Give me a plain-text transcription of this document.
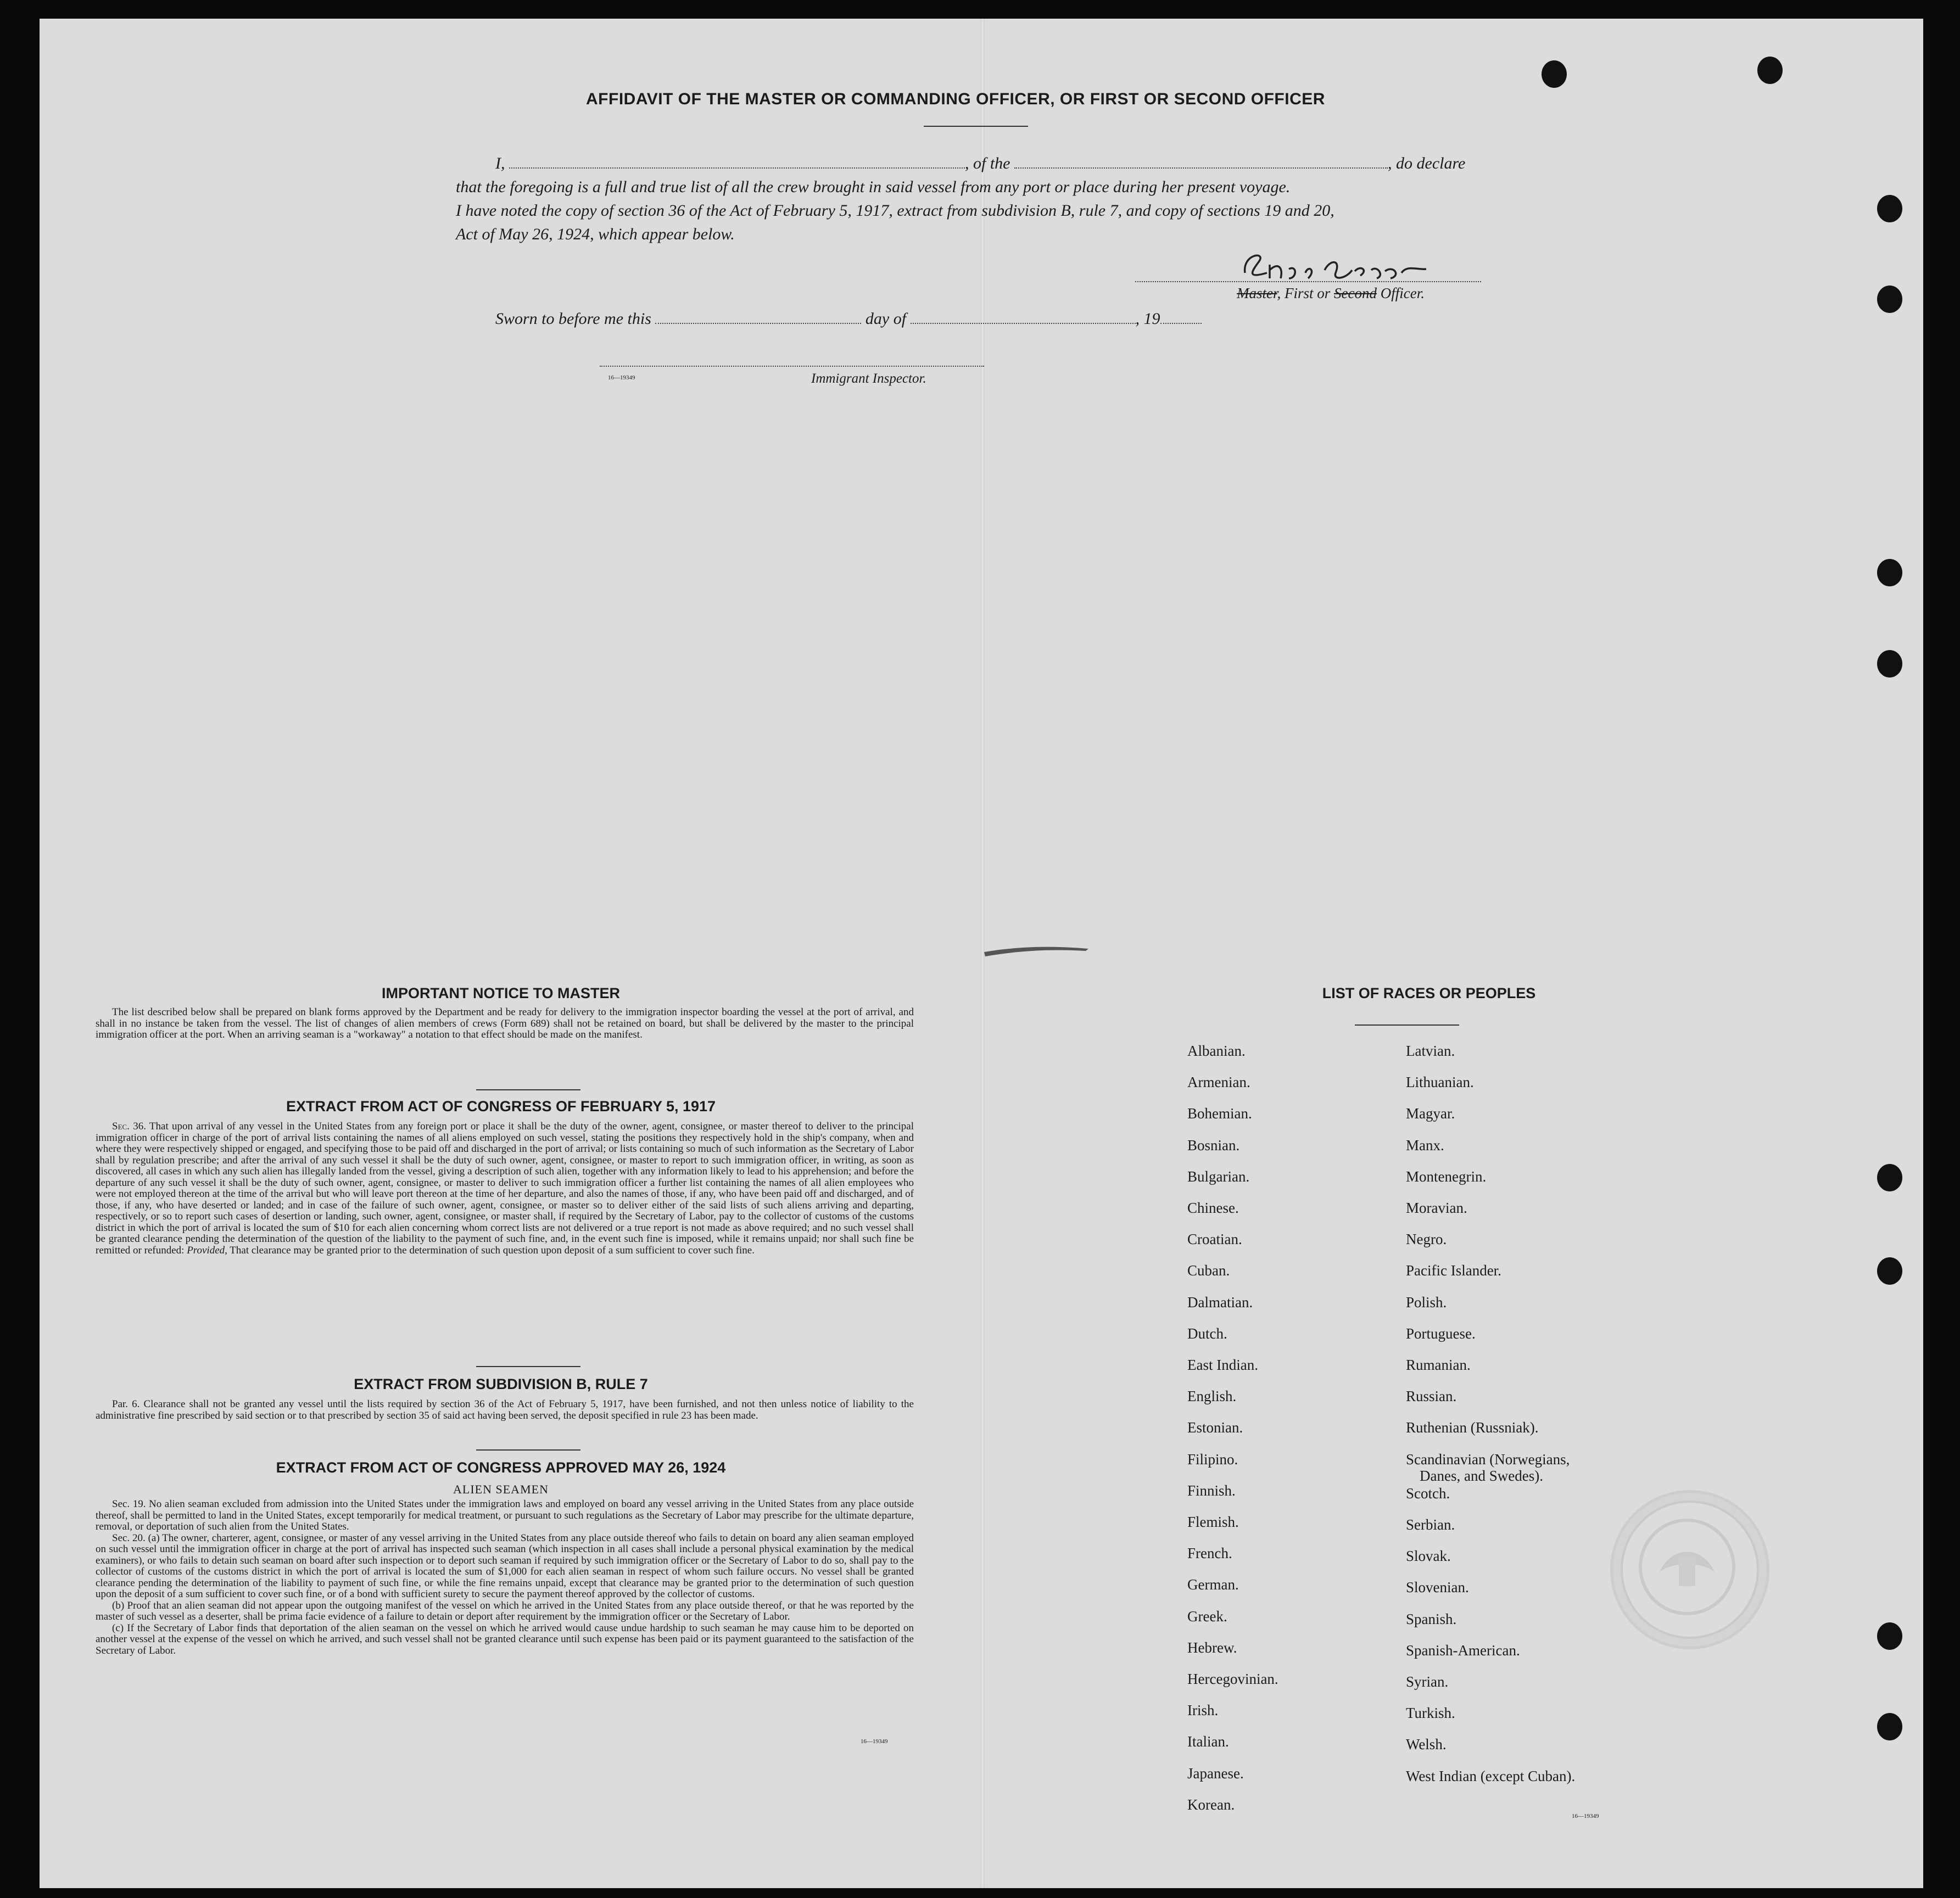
⠀
AFFIDAVIT OF THE MASTER OR COMMANDING OFFICER, OR FIRST OR SECOND OFFICER
I,	, of the	, do declare
that the foregoing is a full and true list of all the crew brought in said vessel from any port or place during her present voyage.
I have noted the copy of section 36 of the Act of February 5, 1917, extract from subdivision B, rule 7, and copy of sections 19 and 20,
Act of May 26, 1924, which appear below.
Master, First or Second Officer.
Sworn to before me this	day of	, 19
16—19349	Immigrant Inspector.
IMPORTANT NOTICE TO MASTER

The list described below shall be prepared on blank forms approved by the Department and be ready for delivery to the immigration inspector boarding the vessel at the port of arrival, and shall in no instance be taken from the vessel. The list of changes of alien members of crews (Form 689) shall not be retained on board, but shall be delivered by the master to the principal immigration officer at the port. When an arriving seaman is a "workaway" a notation to that effect should be made on the manifest.

EXTRACT FROM ACT OF CONGRESS OF FEBRUARY 5, 1917

Sec. 36. That upon arrival of any vessel in the United States from any foreign port or place it shall be the duty of the owner, agent, consignee, or master thereof to deliver to the principal immigration officer in charge of the port of arrival lists containing the names of all aliens employed on such vessel, stating the positions they respectively hold in the ship's company, when and where they were respectively shipped or engaged, and specifying those to be paid off and discharged in the port of arrival; or lists containing so much of such information as the Secretary of Labor shall by regulation prescribe; and after the arrival of any such vessel it shall be the duty of such owner, agent, consignee, or master to report to such immigration officer, in writing, as soon as discovered, all cases in which any such alien has illegally landed from the vessel, giving a description of such alien, together with any information likely to lead to his apprehension; and before the departure of any such vessel it shall be the duty of such owner, agent, consignee, or master to deliver to such immigration officer a further list containing the names of all alien employees who were not employed thereon at the time of the arrival but who will leave port thereon at the time of her departure, and also the names of those, if any, who have been paid off and discharged, and of those, if any, who have deserted or landed; and in case of the failure of such owner, agent, consignee, or master so to deliver either of the said lists of such aliens arriving and departing, respectively, or so to report such cases of desertion or landing, such owner, agent, consignee, or master shall, if required by the Secretary of Labor, pay to the collector of customs of the customs district in which the port of arrival is located the sum of $10 for each alien concerning whom correct lists are not delivered or a true report is not made as above required; and no such vessel shall be granted clearance pending the determination of the question of the liability to the payment of such fine, and, in the event such fine is imposed, while it remains unpaid; nor shall such fine be remitted or refunded: Provided, That clearance may be granted prior to the determination of such question upon deposit of a sum sufficient to cover such fine.

EXTRACT FROM SUBDIVISION B, RULE 7

Par. 6. Clearance shall not be granted any vessel until the lists required by section 36 of the Act of February 5, 1917, have been furnished, and not then unless notice of liability to the administrative fine prescribed by said section or to that prescribed by section 35 of said act having been served, the deposit specified in rule 23 has been made.

EXTRACT FROM ACT OF CONGRESS APPROVED MAY 26, 1924
ALIEN SEAMEN

Sec. 19. No alien seaman excluded from admission into the United States under the immigration laws and employed on board any vessel arriving in the United States from any place outside thereof, shall be permitted to land in the United States, except temporarily for medical treatment, or pursuant to such regulations as the Secretary of Labor may prescribe for the ultimate departure, removal, or deportation of such alien from the United States.

Sec. 20. (a) The owner, charterer, agent, consignee, or master of any vessel arriving in the United States from any place outside thereof who fails to detain on board any alien seaman employed on such vessel until the immigration officer in charge at the port of arrival has inspected such seaman (which inspection in all cases shall include a personal physical examination by the medical examiners), or who fails to detain such seaman on board after such inspection or to deport such seaman if required by such immigration officer or the Secretary of Labor to do so, shall pay to the collector of customs of the customs district in which the port of arrival is located the sum of $1,000 for each alien seaman in respect of whom such failure occurs. No vessel shall be granted clearance pending the determination of the liability to payment of such fine, or while the fine remains unpaid, except that clearance may be granted prior to the determination of such question upon the deposit of a sum sufficient to cover such fine, or of a bond with sufficient surety to secure the payment thereof approved by the collector of customs.

(b) Proof that an alien seaman did not appear upon the outgoing manifest of the vessel on which he arrived in the United States from any place outside thereof, or that he was reported by the master of such vessel as a deserter, shall be prima facie evidence of a failure to detain or deport after requirement by the immigration officer or the Secretary of Labor.

(c) If the Secretary of Labor finds that deportation of the alien seaman on the vessel on which he arrived would cause undue hardship to such seaman he may cause him to be deported on another vessel at the expense of the vessel on which he arrived, and such vessel shall not be granted clearance until such expense has been paid or its payment guaranteed to the satisfaction of the Secretary of Labor.

16—19349
LIST OF RACES OR PEOPLES
Albanian.
Armenian.
Bohemian.
Bosnian.
Bulgarian.
Chinese.
Croatian.
Cuban.
Dalmatian.
Dutch.
East Indian.
English.
Estonian.
Filipino.
Finnish.
Flemish.
French.
German.
Greek.
Hebrew.
Hercegovinian.
Irish.
Italian.
Japanese.
Korean.
Latvian.
Lithuanian.
Magyar.
Manx.
Montenegrin.
Moravian.
Negro.
Pacific Islander.
Polish.
Portuguese.
Rumanian.
Russian.
Ruthenian (Russniak).
Scandinavian (Norwegians,
Danes, and Swedes).
Scotch.
Serbian.
Slovak.
Slovenian.
Spanish.
Spanish-American.
Syrian.
Turkish.
Welsh.
West Indian (except Cuban).
16—19349
